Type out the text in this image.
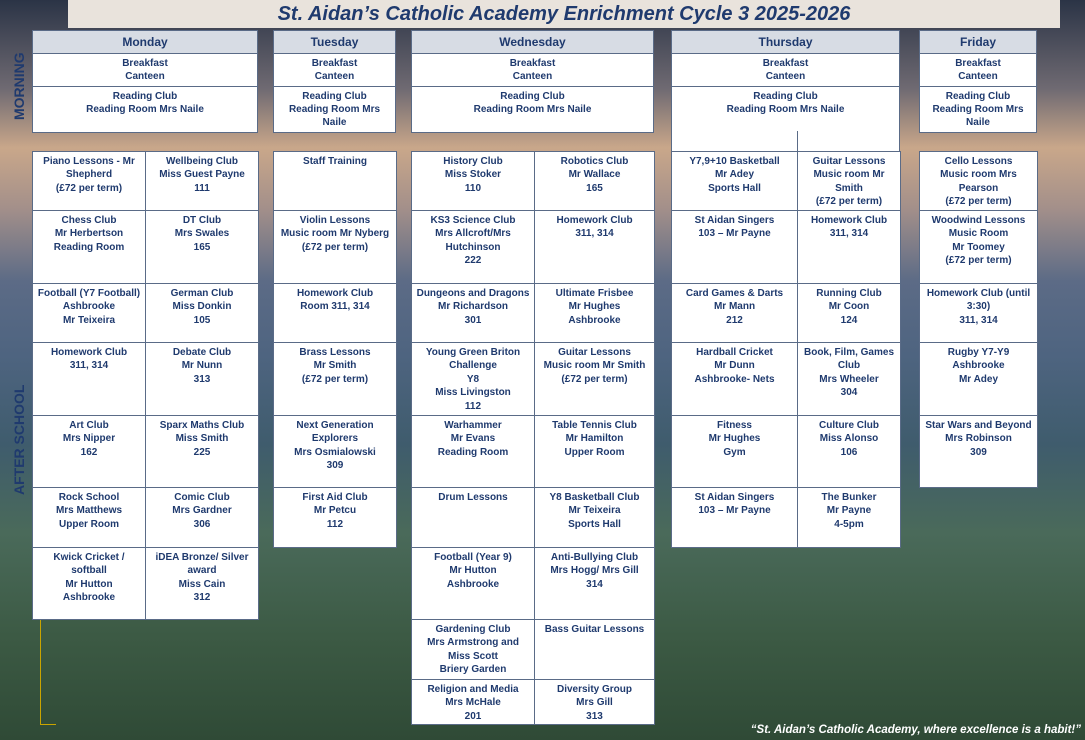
St. Aidan’s Catholic Academy Enrichment Cycle 3 2025-2026
MORNING
AFTER SCHOOL
Monday
Breakfast
Canteen
Reading Club
Reading Room Mrs Naile
Tuesday
Breakfast
Canteen
Reading Club
Reading Room Mrs
Naile
Wednesday
Breakfast
Canteen
Reading Club
Reading Room Mrs Naile
Thursday
Breakfast
Canteen
Reading Club
Reading Room Mrs Naile
Friday
Breakfast
Canteen
Reading Club
Reading Room Mrs
Naile
Piano Lessons - Mr
Shepherd
(£72 per term)
Chess Club
Mr Herbertson
Reading Room
Football (Y7 Football)
Ashbrooke
Mr Teixeira
Homework Club
311, 314
Art Club
Mrs Nipper
162
Rock School
Mrs Matthews
Upper Room
Kwick Cricket /
softball
Mr Hutton
Ashbrooke
Wellbeing Club
Miss Guest Payne
111
DT Club
Mrs Swales
165
German Club
Miss Donkin
105
Debate Club
Mr Nunn
313
Sparx Maths Club
Miss Smith
225
Comic Club
Mrs Gardner
306
iDEA Bronze/ Silver
award
Miss Cain
312
Staff Training
Violin Lessons
Music room Mr Nyberg
(£72 per term)
Homework Club
Room 311, 314
Brass Lessons
Mr Smith
(£72 per term)
Next Generation
Explorers
Mrs Osmialowski
309
First Aid Club
Mr Petcu
112
History Club
Miss Stoker
110
KS3 Science Club
Mrs Allcroft/Mrs
Hutchinson
222
Dungeons and Dragons
Mr Richardson
301
Young Green Briton
Challenge
Y8
Miss Livingston
112
Warhammer
Mr Evans
Reading Room
Drum Lessons
Football (Year 9)
Mr Hutton
Ashbrooke
Gardening Club
Mrs Armstrong and
Miss Scott
Briery Garden
Religion and Media
Mrs McHale
201
Robotics Club
Mr Wallace
165
Homework Club
311, 314
Ultimate Frisbee
Mr Hughes
Ashbrooke
Guitar Lessons
Music room Mr Smith
(£72 per term)
Table Tennis Club
Mr Hamilton
Upper Room
Y8 Basketball Club
Mr Teixeira
Sports Hall
Anti-Bullying Club
Mrs Hogg/ Mrs Gill
314
Bass Guitar Lessons
Diversity Group
Mrs Gill
313
Y7,9+10 Basketball
Mr Adey
Sports Hall
St Aidan Singers
103 – Mr Payne
Card Games & Darts
Mr Mann
212
Hardball Cricket
Mr Dunn
Ashbrooke- Nets
Fitness
Mr Hughes
Gym
St Aidan Singers
103 – Mr Payne
Guitar Lessons
Music room Mr
Smith
(£72 per term)
Homework Club
311, 314
Running Club
Mr Coon
124
Book, Film, Games
Club
Mrs Wheeler
304
Culture Club
Miss Alonso
106
The Bunker
Mr Payne
4-5pm
Cello Lessons
Music room Mrs
Pearson
(£72 per term)
Woodwind Lessons
Music Room
Mr Toomey
(£72 per term)
Homework Club (until
3:30)
311, 314
Rugby Y7-Y9
Ashbrooke
Mr Adey
Star Wars and Beyond
Mrs Robinson
309
“St. Aidan’s Catholic Academy, where excellence is a habit!”
